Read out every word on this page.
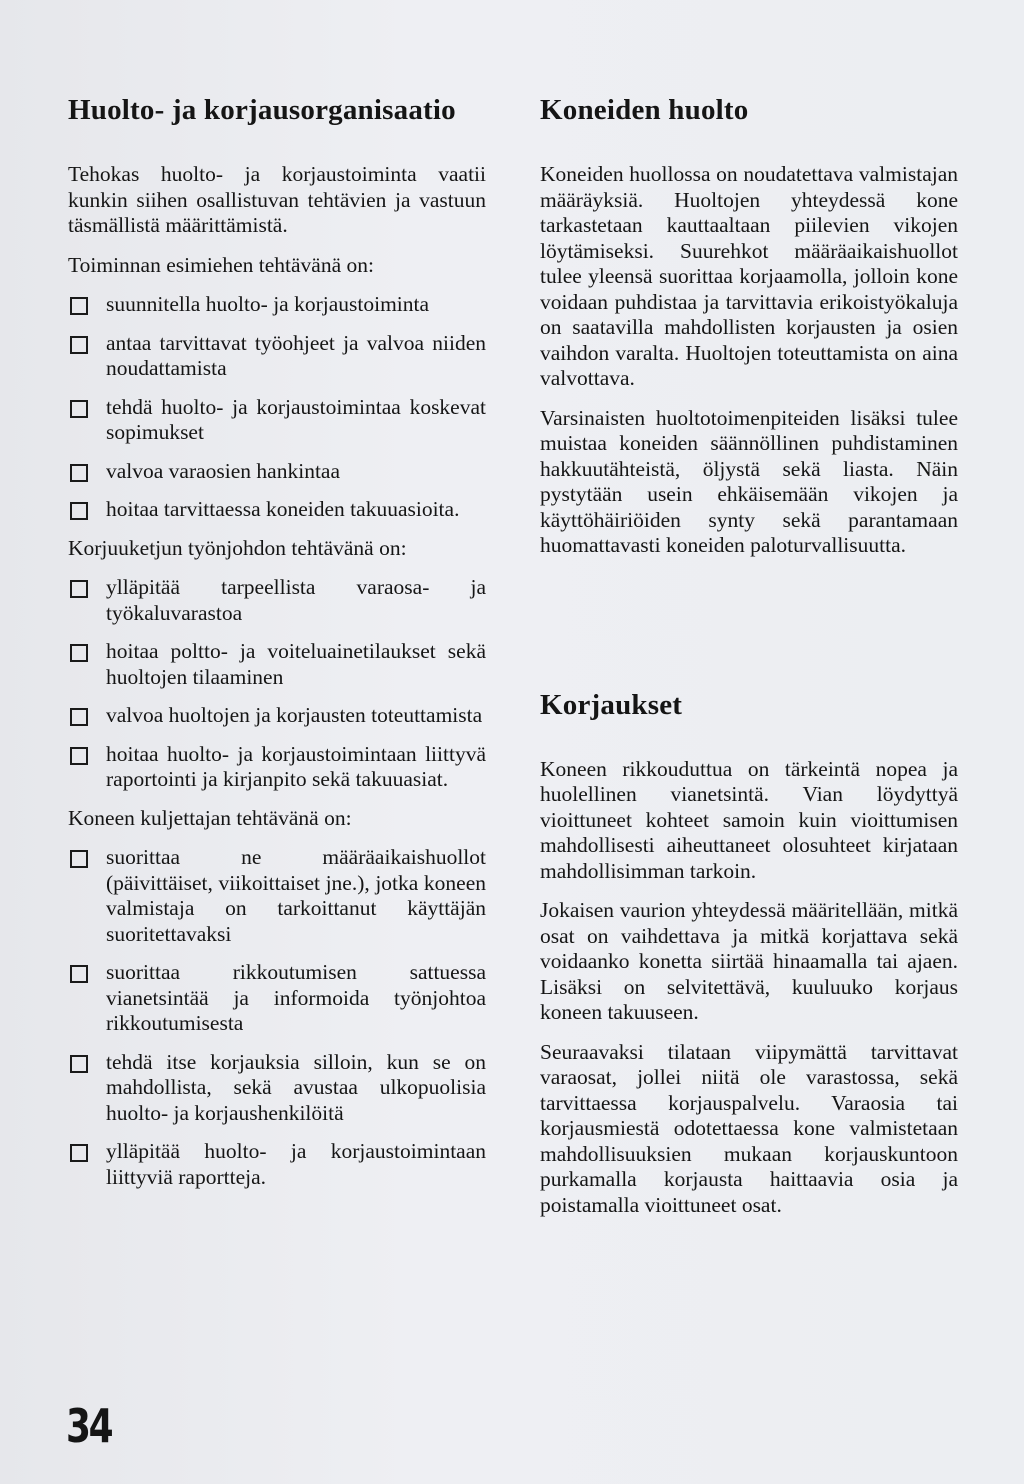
Huolto- ja korjausorganisaatio

Tehokas huolto- ja korjaustoiminta vaatii kunkin siihen osallistuvan tehtävien ja vastuun täsmällistä määrittämistä.

Toiminnan esimiehen tehtävänä on:

suunnitella huolto- ja korjaustoiminta

antaa tarvittavat työohjeet ja valvoa niiden noudattamista

tehdä huolto- ja korjaustoimintaa koskevat sopimukset

valvoa varaosien hankintaa

hoitaa tarvittaessa koneiden takuuasioita.

Korjuuketjun työnjohdon tehtävänä on:

ylläpitää tarpeellista varaosa- ja työkaluvarastoa

hoitaa poltto- ja voiteluainetilaukset sekä huoltojen tilaaminen

valvoa huoltojen ja korjausten toteuttamista

hoitaa huolto- ja korjaustoimintaan liittyvä raportointi ja kirjanpito sekä takuuasiat.

Koneen kuljettajan tehtävänä on:

suorittaa ne määräaikaishuollot (päivittäiset, viikoittaiset jne.), jotka koneen valmistaja on tarkoittanut käyttäjän suoritettavaksi

suorittaa rikkoutumisen sattuessa vianetsintää ja informoida työnjohtoa rikkoutumisesta

tehdä itse korjauksia silloin, kun se on mahdollista, sekä avustaa ulkopuolisia huolto- ja korjaushenkilöitä

ylläpitää huolto- ja korjaustoimintaan liittyviä raportteja.

Koneiden huolto

Koneiden huollossa on noudatettava valmistajan määräyksiä. Huoltojen yhteydessä kone tarkastetaan kauttaaltaan piilevien vikojen löytämiseksi. Suurehkot määräaikaishuollot tulee yleensä suorittaa korjaamolla, jolloin kone voidaan puhdistaa ja tarvittavia erikoistyökaluja on saatavilla mahdollisten korjausten ja osien vaihdon varalta. Huoltojen toteuttamista on aina valvottava.

Varsinaisten huoltotoimenpiteiden lisäksi tulee muistaa koneiden säännöllinen puhdistaminen hakkuutähteistä, öljystä sekä liasta. Näin pystytään usein ehkäisemään vikojen ja käyttöhäiriöiden synty sekä parantamaan huomattavasti koneiden paloturvallisuutta.

Korjaukset

Koneen rikkouduttua on tärkeintä nopea ja huolellinen vianetsintä. Vian löydyttyä vioittuneet kohteet samoin kuin vioittumisen mahdollisesti aiheuttaneet olosuhteet kirjataan mahdollisimman tarkoin.

Jokaisen vaurion yhteydessä määritellään, mitkä osat on vaihdettava ja mitkä korjattava sekä voidaanko konetta siirtää hinaamalla tai ajaen. Lisäksi on selvitettävä, kuuluuko korjaus koneen takuuseen.

Seuraavaksi tilataan viipymättä tarvittavat varaosat, jollei niitä ole varastossa, sekä tarvittaessa korjauspalvelu. Varaosia tai korjausmiestä odotettaessa kone valmistetaan mahdollisuuksien mukaan korjauskuntoon purkamalla korjausta haittaavia osia ja poistamalla vioittuneet osat.

34
